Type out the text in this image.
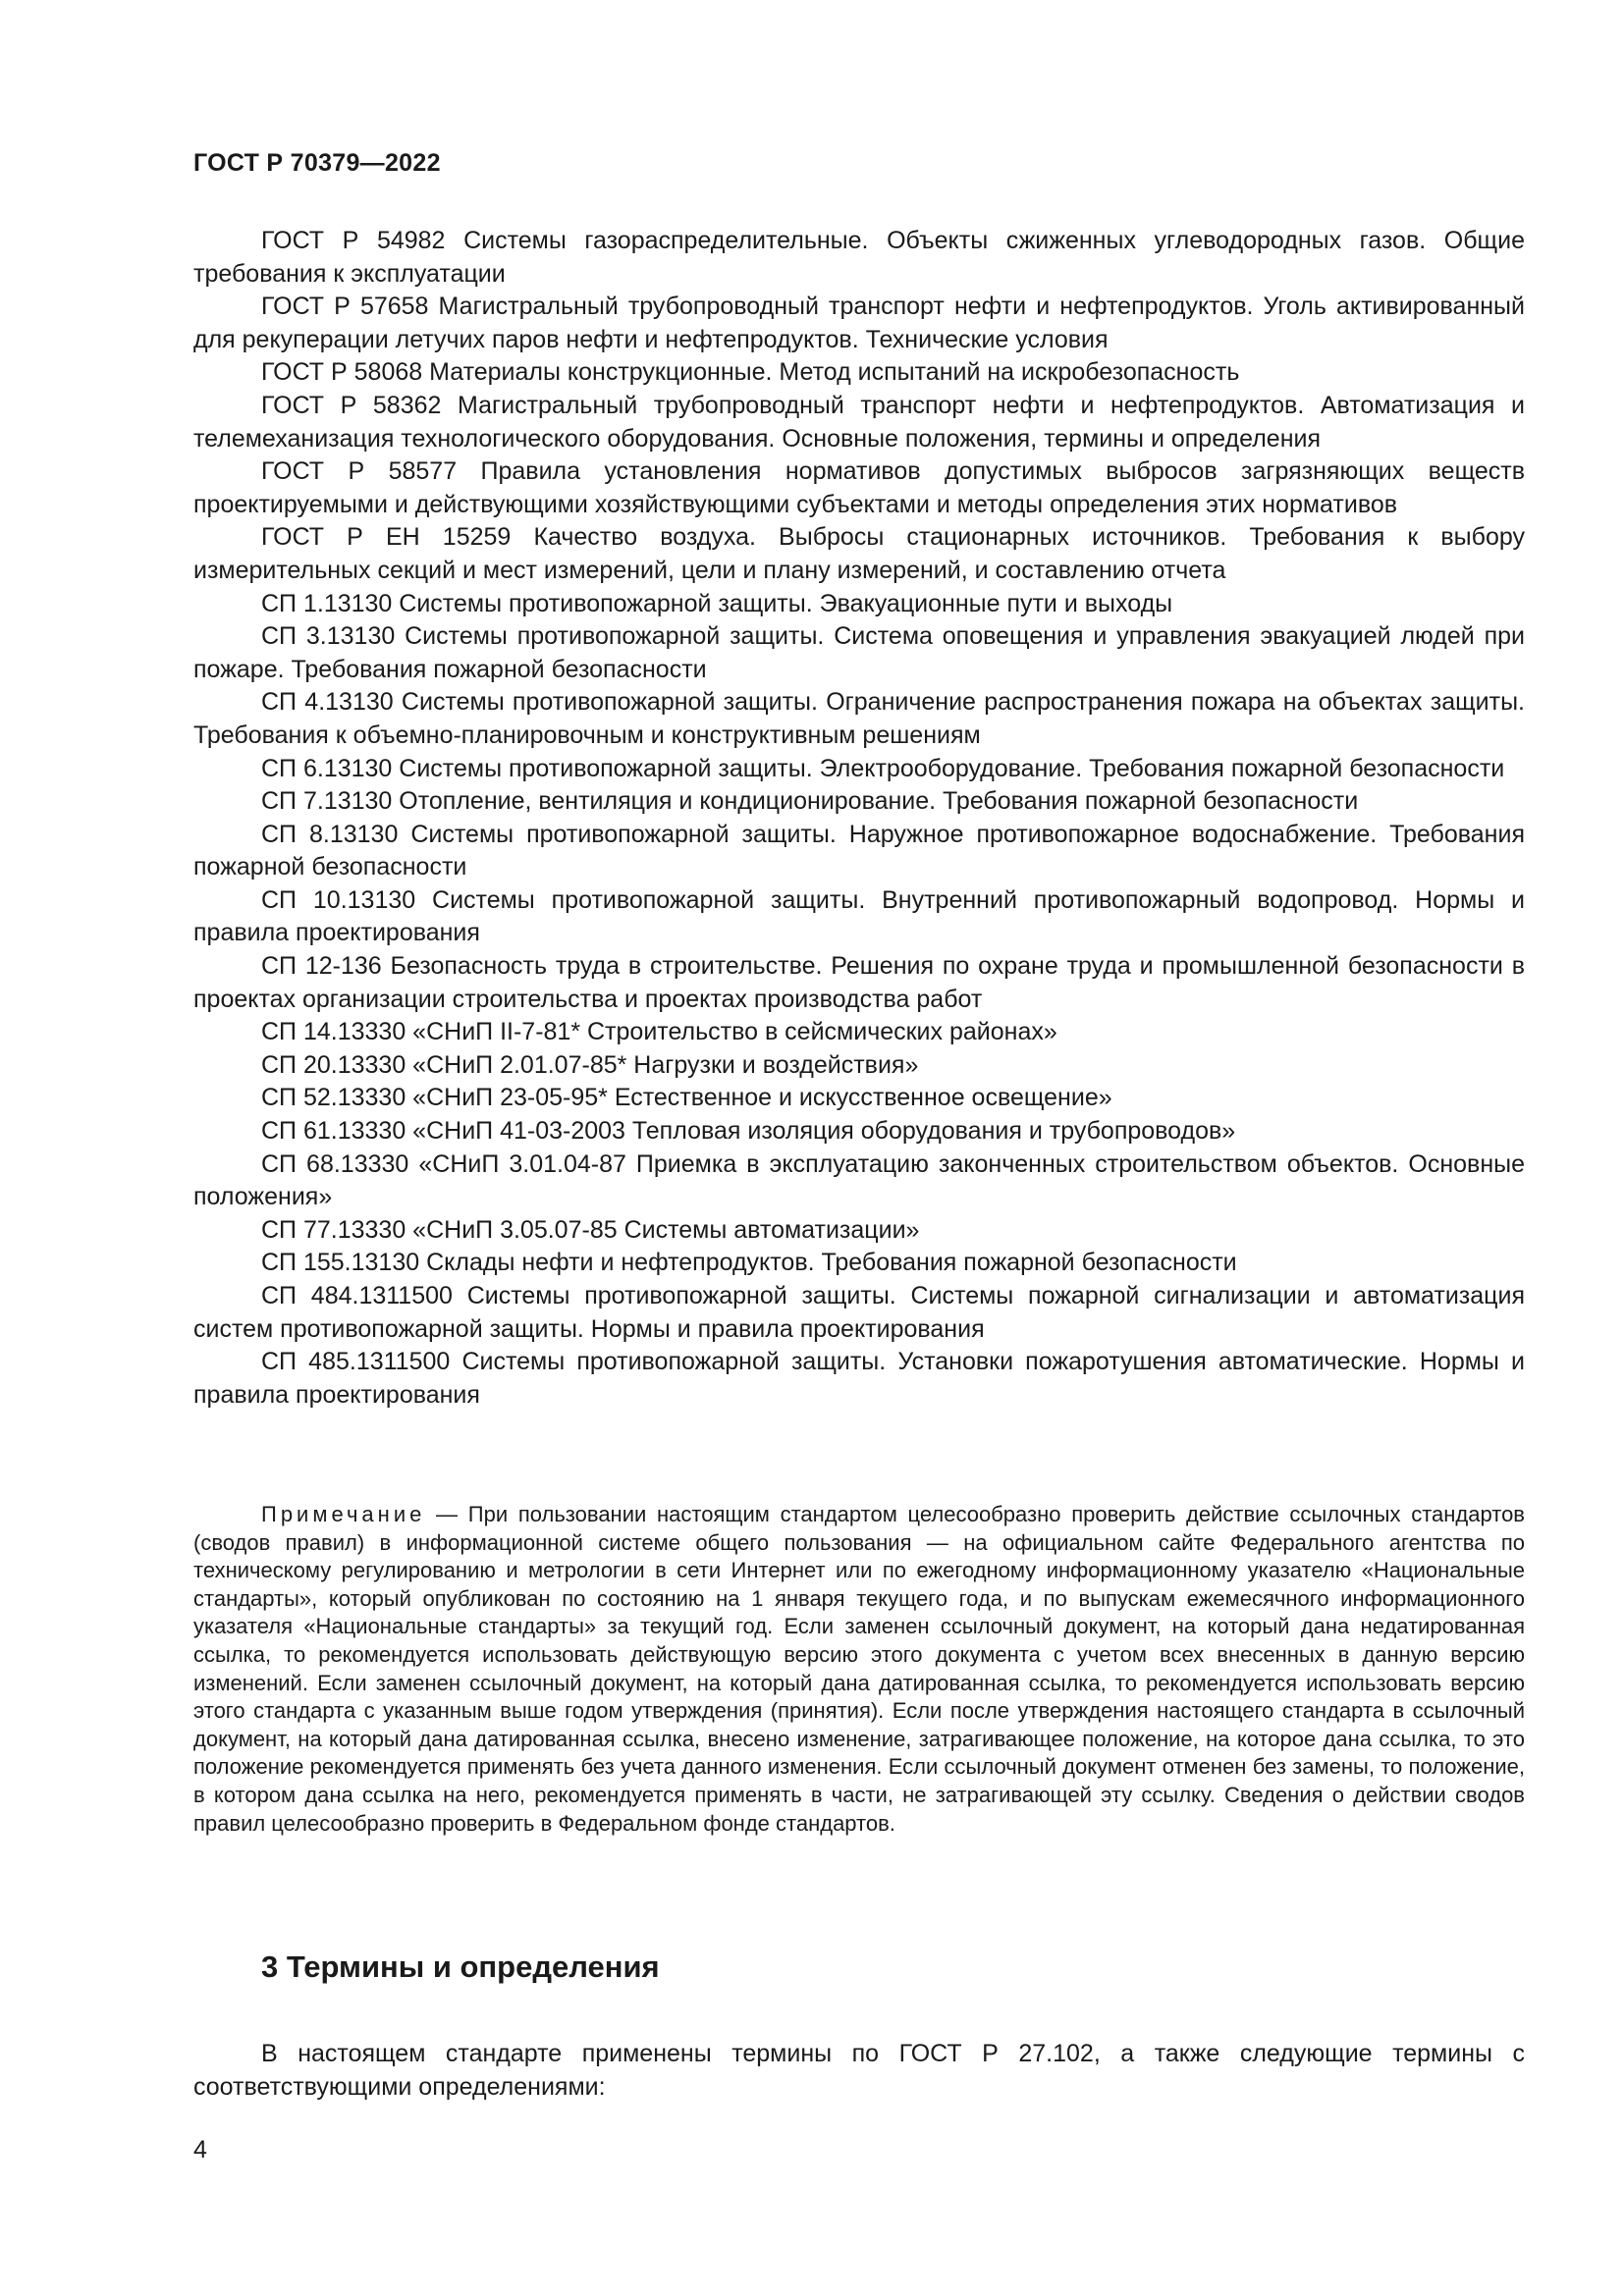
ГОСТ Р 70379—2022

ГОСТ Р 54982 Системы газораспределительные. Объекты сжиженных углеводородных газов. Общие требования к эксплуатации

ГОСТ Р 57658 Магистральный трубопроводный транспорт нефти и нефтепродуктов. Уголь активированный для рекуперации летучих паров нефти и нефтепродуктов. Технические условия

ГОСТ Р 58068 Материалы конструкционные. Метод испытаний на искробезопасность

ГОСТ Р 58362 Магистральный трубопроводный транспорт нефти и нефтепродуктов. Автоматизация и телемеханизация технологического оборудования. Основные положения, термины и определения

ГОСТ Р 58577 Правила установления нормативов допустимых выбросов загрязняющих веществ проектируемыми и действующими хозяйствующими субъектами и методы определения этих нормативов

ГОСТ Р ЕН 15259 Качество воздуха. Выбросы стационарных источников. Требования к выбору измерительных секций и мест измерений, цели и плану измерений, и составлению отчета

СП 1.13130 Системы противопожарной защиты. Эвакуационные пути и выходы

СП 3.13130 Системы противопожарной защиты. Система оповещения и управления эвакуацией людей при пожаре. Требования пожарной безопасности

СП 4.13130 Системы противопожарной защиты. Ограничение распространения пожара на объектах защиты. Требования к объемно-планировочным и конструктивным решениям

СП 6.13130 Системы противопожарной защиты. Электрооборудование. Требования пожарной безопасности

СП 7.13130 Отопление, вентиляция и кондиционирование. Требования пожарной безопасности

СП 8.13130 Системы противопожарной защиты. Наружное противопожарное водоснабжение. Требования пожарной безопасности

СП 10.13130 Системы противопожарной защиты. Внутренний противопожарный водопровод. Нормы и правила проектирования

СП 12-136 Безопасность труда в строительстве. Решения по охране труда и промышленной безопасности в проектах организации строительства и проектах производства работ

СП 14.13330 «СНиП II-7-81* Строительство в сейсмических районах»

СП 20.13330 «СНиП 2.01.07-85* Нагрузки и воздействия»

СП 52.13330 «СНиП 23-05-95* Естественное и искусственное освещение»

СП 61.13330 «СНиП 41-03-2003 Тепловая изоляция оборудования и трубопроводов»

СП 68.13330 «СНиП 3.01.04-87 Приемка в эксплуатацию законченных строительством объектов. Основные положения»

СП 77.13330 «СНиП 3.05.07-85 Системы автоматизации»

СП 155.13130 Склады нефти и нефтепродуктов. Требования пожарной безопасности

СП 484.1311500 Системы противопожарной защиты. Системы пожарной сигнализации и автоматизация систем противопожарной защиты. Нормы и правила проектирования

СП 485.1311500 Системы противопожарной защиты. Установки пожаротушения автоматические. Нормы и правила проектирования

Примечание — При пользовании настоящим стандартом целесообразно проверить действие ссылочных стандартов (сводов правил) в информационной системе общего пользования — на официальном сайте Федерального агентства по техническому регулированию и метрологии в сети Интернет или по ежегодному информационному указателю «Национальные стандарты», который опубликован по состоянию на 1 января текущего года, и по выпускам ежемесячного информационного указателя «Национальные стандарты» за текущий год. Если заменен ссылочный документ, на который дана недатированная ссылка, то рекомендуется использовать действующую версию этого документа с учетом всех внесенных в данную версию изменений. Если заменен ссылочный документ, на который дана датированная ссылка, то рекомендуется использовать версию этого стандарта с указанным выше годом утверждения (принятия). Если после утверждения настоящего стандарта в ссылочный документ, на который дана датированная ссылка, внесено изменение, затрагивающее положение, на которое дана ссылка, то это положение рекомендуется применять без учета данного изменения. Если ссылочный документ отменен без замены, то положение, в котором дана ссылка на него, рекомендуется применять в части, не затрагивающей эту ссылку. Сведения о действии сводов правил целесообразно проверить в Федеральном фонде стандартов.

3 Термины и определения

В настоящем стандарте применены термины по ГОСТ Р 27.102, а также следующие термины с соответствующими определениями:

4
